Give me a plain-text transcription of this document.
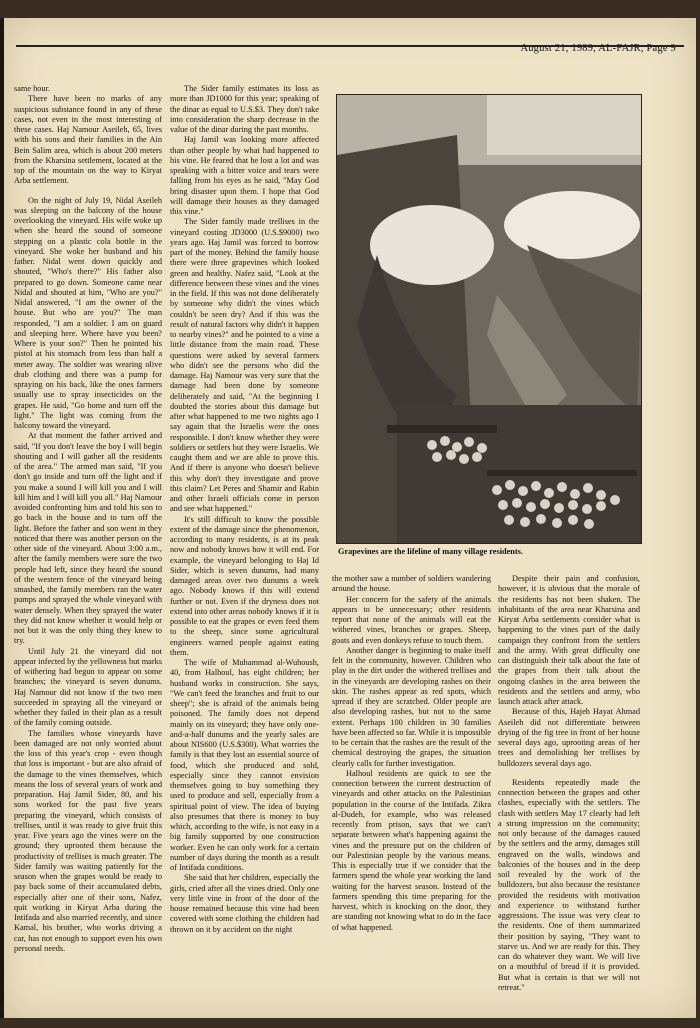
August 21, 1989, AL-FAJR, Page 9

same hour.

There have been no marks of any suspicious substance found in any of these cases, not even in the most interesting of these cases. Haj Namour Aseileh, 65, lives with his sons and their families in the Ain Bein Salim area, which is about 200 meters from the Kharsina settlement, located at the top of the mountain on the way to Kiryat Arba settlement.

On the night of July 19, Nidal Aseileh was sleeping on the balcony of the house overlooking the vineyard. His wife woke up when she heard the sound of someone stepping on a plastic cola bottle in the vineyard. She woke her husband and his father. Nidal went down quickly and shouted, "Who's there?" His father also prepared to go down. Someone came near Nidal and shouted at him, "Who are you?" Nidal answered, "I am the owner of the house. But who are you?" The man responded, "I am a soldier. I am on guard and sleeping here. Where have you been? Where is your son?" Then he pointed his pistol at his stomach from less than half a meter away. The soldier was wearing olive drab clothing and there was a pump for spraying on his back, like the ones farmers usually use to spray insecticides on the grapes. He said, "Go home and turn off the light." The light was coming from the balcony toward the vineyard.

At that moment the father arrived and said, "If you don't leave the boy I will begin shouting and I will gather all the residents of the area." The armed man said, "If you don't go inside and turn off the light and if you make a sound I will kill you and I will kill him and I will kill you all." Haj Namour avoided confronting him and told his son to go back in the house and to turn off the light. Before the father and son went in they noticed that there was another person on the other side of the vineyard. About 3:00 a.m., after the family members were sure the two people had left, since they heard the sound of the western fence of the vineyard being smashed, the family members ran the water pumps and sprayed the whole vineyard with water densely. When they sprayed the water they did not know whether it would help or not but it was the only thing they knew to try.

Until July 21 the vineyard did not appear infected by the yellowness but marks of withering had begun to appear on some branches; the vineyard is seven dunums. Haj Namour did not know if the two men succeeded in spraying all the vineyard or whether they failed in their plan as a result of the family coming outside.

The families whose vineyards have been damaged are not only worried about the loss of this year's crop - even though that loss is important - but are also afraid of the damage to the vines themselves, which means the loss of several years of work and preparation. Haj Jamil Sider, 80, and his sons worked for the past five years preparing the vineyard, which consists of trellises, until it was ready to give fruit this year. Five years ago the vines were on the ground; they uprooted them because the productivity of trellises is much greater. The Sider family was waiting patiently for the season when the grapes would be ready to pay back some of their accumulated debts, especially after one of their sons, Nafez, quit working in Kiryat Arba during the Intifada and also married recently, and since Kamal, his brother, who works driving a car, has not enough to support even his own personal needs.

The Sider family estimates its loss as more than JD1000 for this year; speaking of the dinar as equal to U.S.$3. They don't take into consideration the sharp decrease in the value of the dinar during the past months.

Haj Jamil was looking more affected than other people by what had happened to his vine. He feared that he lost a lot and was speaking with a bitter voice and tears were falling from his eyes as he said, "May God bring disaster upon them. I hope that God will damage their houses as they damaged this vine."

The Sider family made trellises in the vineyard costing JD3000 (U.S.$9000) two years ago. Haj Jamil was forced to borrow part of the money. Behind the family house there were three grapevines which looked green and healthy. Nafez said, "Look at the difference between these vines and the vines in the field. If this was not done deliberately by someone why didn't the vines which couldn't be seen dry? And if this was the result of natural factors why didn't it happen to nearby vines?" and he pointed to a vine a little distance from the main road. These questions were asked by several farmers who didn't see the persons who did the damage. Haj Namour was very sure that the damage had been done by someone deliberately and said, "At the beginning I doubted the stories about this damage but after what happened to me two nights ago I say again that the Israelis were the ones responsible. I don't know whether they were soldiers or settlers but they were Israelis. We caught them and we are able to prove this. And if there is anyone who doesn't believe this why don't they investigate and prove this claim? Let Peres and Shamir and Rabin and other Israeli officials come in person and see what happened."

It's still difficult to know the possible extent of the damage since the phenomenon, according to many residents, is at its peak now and nobody knows how it will end. For example, the vineyard belonging to Haj Id Sider, which is seven dunums, had many damaged areas over two dunums a week ago. Nobody knows if this will extend further or not. Even if the dryness does not extend into other areas nobody knows if it is possible to eat the grapes or even feed them to the sheep, since some agricultural engineers warned people against eating them.

The wife of Muhammad al-Wuhoush, 40, from Halhoul, has eight children; her husband works in construction. She says, "We can't feed the branches and fruit to our sheep"; she is afraid of the animals being poisoned. The family does not depend mainly on its vineyard; they have only one-and-a-half dunums and the yearly sales are about NIS600 (U.S.$300). What worries the family is that they lost an essential source of food, which she produced and sold, especially since they cannot envision themselves going to buy something they used to produce and sell, especially from a spiritual point of view. The idea of buying also presumes that there is money to buy which, according to the wife, is not easy in a big family supported by one construction worker. Even he can only work for a certain number of days during the month as a result of Intifada conditions.

She said that her children, especially the girls, cried after all the vines dried. Only one very little vine in front of the door of the house remained because this vine had been covered with some clothing the children had thrown on it by accident on the night

Grapevines are the lifeline of many village residents.

the mother saw a number of soldiers wandering around the house.

Her concern for the safety of the animals appears to be unnecessary; other residents report that none of the animals will eat the withered vines, branches or grapes. Sheep, goats and even donkeys refuse to touch them.

Another danger is beginning to make itself felt in the community, however. Children who play in the dirt under the withered trellises and in the vineyards are developing rashes on their skin. The rashes appear as red spots, which spread if they are scratched. Older people are also developing rashes, but not to the same extent. Perhaps 100 children in 30 families have been affected so far. While it is impossible to be certain that the rashes are the result of the chemical destroying the grapes, the situation clearly calls for further investigation.

Halhoul residents are quick to see the connection between the current destruction of vineyards and other attacks on the Palestinian population in the course of the Intifada. Zikra al-Dudeh, for example, who was released recently from prison, says that we can't separate between what's happening against the vines and the pressure put on the children of our Palestinian people by the various means. This is especially true if we consider that the farmers spend the whole year working the land waiting for the harvest season. Instead of the farmers spending this time preparing for the harvest, which is knocking on the door, they are standing not knowing what to do in the face of what happened.

Despite their pain and confusion, however, it is obvious that the morale of the residents has not been shaken. The inhabitants of the area near Kharsina and Kiryat Arba settlements consider what is happening to the vines part of the daily campaign they confront from the settlers and the army. With great difficulty one can distinguish their talk about the fate of the grapes from their talk about the ongoing clashes in the area between the residents and the settlers and army, who launch attack after attack.

Because of this, Hajeh Hayat Ahmad Aseileh did not differentiate between drying of the fig tree in front of her house several days ago, uprooting areas of her trees and demolishing her trellises by bulldozers several days ago.

Residents repeatedly made the connection between the grapes and other clashes, especially with the settlers. The clash with settlers May 17 clearly had left a strong impression on the community; not only because of the damages caused by the settlers and the army, damages still engraved on the walls, windows and balconies of the houses and in the deep soil revealed by the work of the bulldozers, but also because the resistance provided the residents with motivation and experience to withstand further aggressions. The issue was very clear to the residents. One of them summarized their position by saying, "They want to starve us. And we are ready for this. They can do whatever they want. We will live on a mouthful of bread if it is provided. But what is certain is that we will not retreat."
